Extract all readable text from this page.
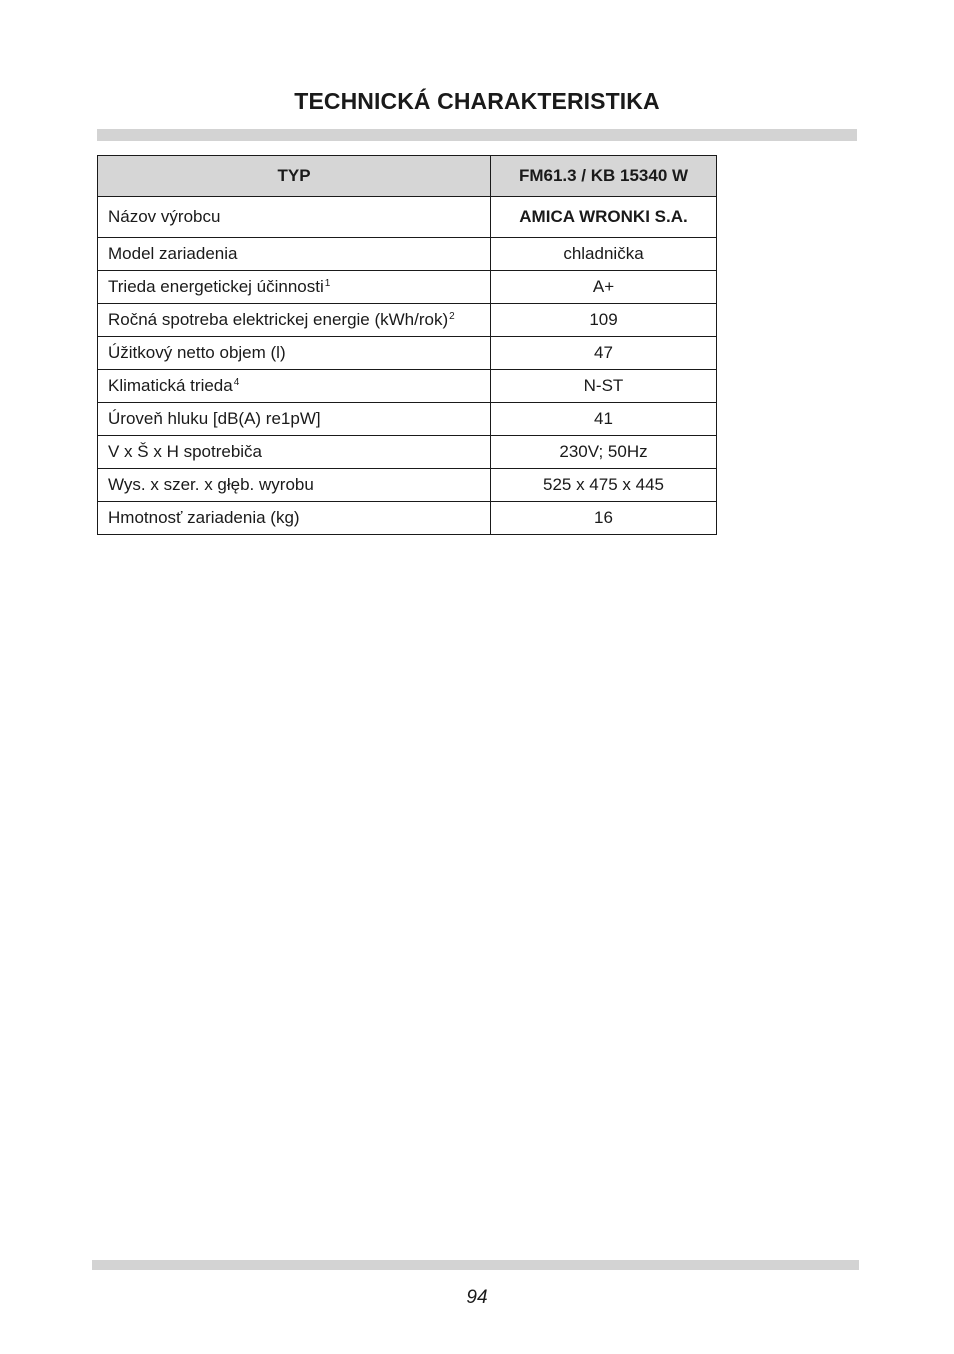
TECHNICKÁ CHARAKTERISTIKA
TYP	FM61.3 / KB 15340 W
Názov výrobcu	AMICA WRONKI S.A.
Model zariadenia	chladnička
Trieda energetickej účinnosti$^1$	A+
Ročná spotreba elektrickej energie $(kWh/rok)^2$	109
Úžitkový netto objem (l)	47
Klimatická trieda$^4$	N-ST
Úroveň hluku [dB(A) re1pW]	41
V x Š x H spotrebiča	230V; 50Hz
Wys. x szer. x głęb. wyrobu	525 x 475 x 445
Hmotnosť zariadenia (kg)	16
94
